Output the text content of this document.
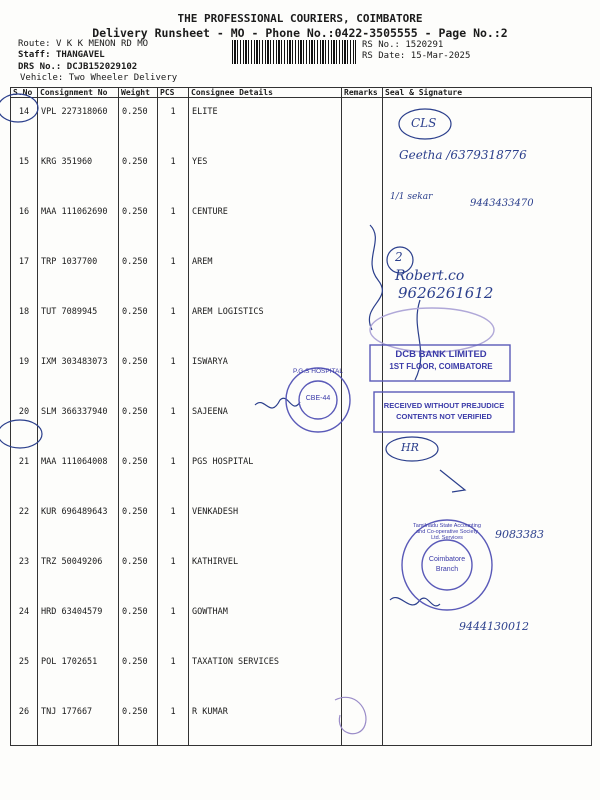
THE PROFESSIONAL COURIERS, COIMBATORE
Delivery Runsheet - MO - Phone No.:0422-3505555 - Page No.:2
Route: V K K MENON RD MO
Staff: THANGAVEL
DRS No.: DCJB152029102
Vehicle: Two Wheeler Delivery
RS No.: 1520291
RS Date: 15-Mar-2025
S.No	Consignment No	Weight	PCS	Consignee Details	Remarks	Seal & Signature
14	VPL 227318060	0.250	1	ELITE		
15	KRG 351960	0.250	1	YES		
16	MAA 111062690	0.250	1	CENTURE		
17	TRP 1037700	0.250	1	AREM		
18	TUT 7089945	0.250	1	AREM LOGISTICS		
19	IXM 303483073	0.250	1	ISWARYA		
20	SLM 366337940	0.250	1	SAJEENA		
21	MAA 111064008	0.250	1	PGS HOSPITAL		
22	KUR 696489643	0.250	1	VENKADESH		
23	TRZ 50049206	0.250	1	KATHIRVEL		
24	HRD 63404579	0.250	1	GOWTHAM		
25	POL 1702651	0.250	1	TAXATION SERVICES		
26	TNJ 177667	0.250	1	R KUMAR		
Geetha /6379318776
1/1 sekar
9443433470
Robert.co
9626261612
9444130012
9083383
HR
CLS
2
DCB BANK LIMITED
1ST FLOOR, COIMBATORE
RECEIVED WITHOUT PREJUDICE
CONTENTS NOT VERIFIED
P.G.S HOSPITAL
CBE-44
Tamilnadu State Accounting and Co-operative Society Ltd. Services
Coimbatore
Branch
